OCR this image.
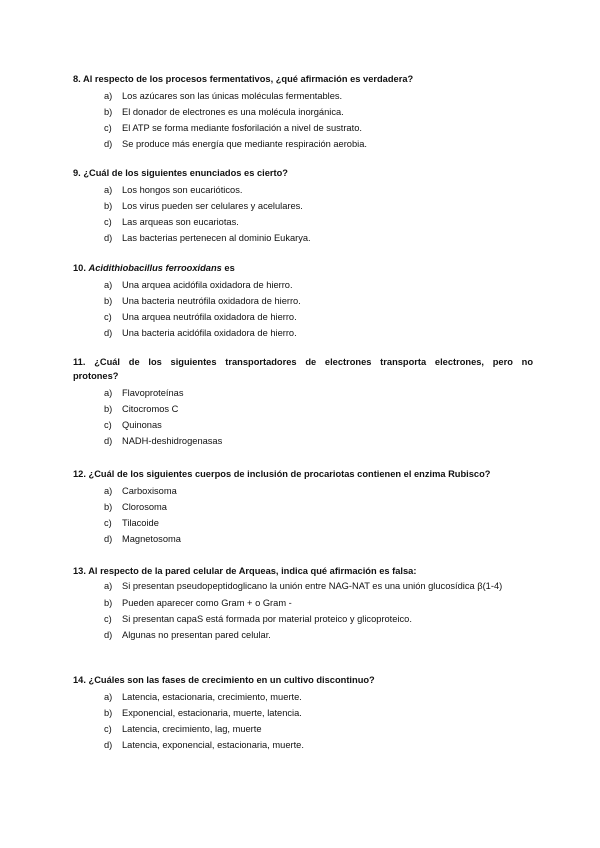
8. Al respecto de los procesos fermentativos, ¿qué afirmación es verdadera?

a)	Los azúcares son las únicas moléculas fermentables.
b)	El donador de electrones es una molécula inorgánica.
c)	El ATP se forma mediante fosforilación a nivel de sustrato.
d)	Se produce más energía que mediante respiración aerobia.

9. ¿Cuál de los siguientes enunciados es cierto?

a)	Los hongos son eucarióticos.
b)	Los virus pueden ser celulares y acelulares.
c)	Las arqueas son eucariotas.
d)	Las bacterias pertenecen al dominio Eukarya.

10. Acidithiobacillus ferrooxidans es

a)	Una arquea acidófila oxidadora de hierro.
b)	Una bacteria neutrófila oxidadora de hierro.
c)	Una arquea neutrófila oxidadora de hierro.
d)	Una bacteria acidófila oxidadora de hierro.

11. ¿Cuál de los siguientes transportadores de electrones transporta electrones, pero no

protones?

a)	Flavoproteínas
b)	Citocromos C
c)	Quinonas
d)	NADH-deshidrogenasas

12. ¿Cuál de los siguientes cuerpos de inclusión de procariotas contienen el enzima Rubisco?

a)	Carboxisoma
b)	Clorosoma
c)	Tilacoide
d)	Magnetosoma

13. Al respecto de la pared celular de Arqueas, indica qué afirmación es falsa:

a)	Si presentan pseudopeptidoglicano la unión entre NAG-NAT es una unión glucosídica β(1-4)
b)	Pueden aparecer como Gram + o Gram -
c)	Si presentan capaS está formada por material proteico y glicoproteico.
d)	Algunas no presentan pared celular.

14. ¿Cuáles son las fases de crecimiento en un cultivo discontinuo?

a)	Latencia, estacionaria, crecimiento, muerte.
b)	Exponencial, estacionaria, muerte, latencia.
c)	Latencia, crecimiento, lag, muerte
d)	Latencia, exponencial, estacionaria, muerte.
